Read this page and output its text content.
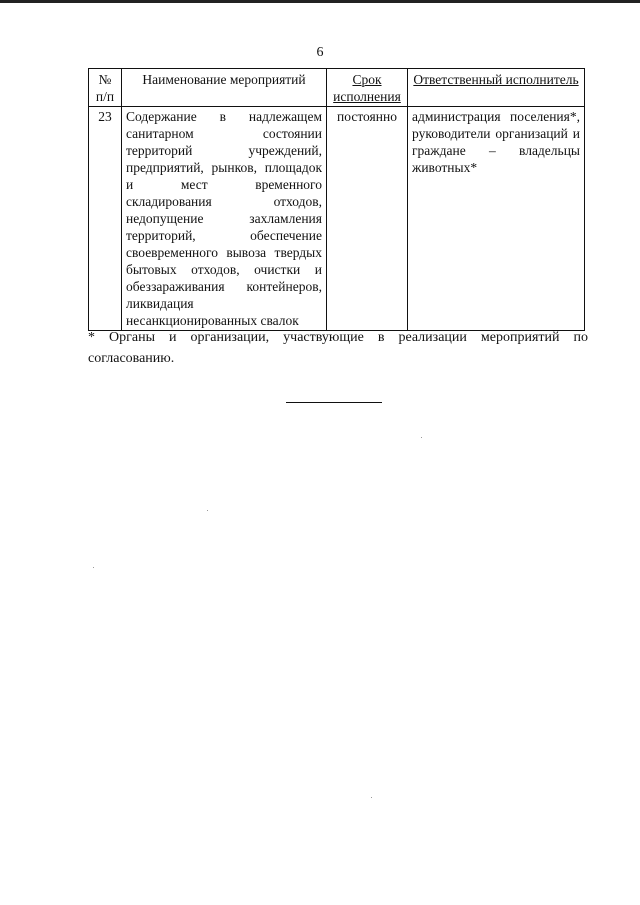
6
№ п/п	Наименование мероприятий	Срок исполнения	Ответственный исполнитель
23	Содержание в надлежащем санитарном состоянии территорий учреждений, предприятий, рынков, площадок и мест временного складирования отходов, недопущение захламления территорий, обеспечение своевременного вывоза твердых бытовых отходов, очистки и обеззараживания контейнеров, ликвидация несанкционированных свалок	постоянно	администрация поселения*, руководители организаций и граждане – владельцы животных*
* Органы и организации, участвующие в реализации мероприятий по согласованию.
